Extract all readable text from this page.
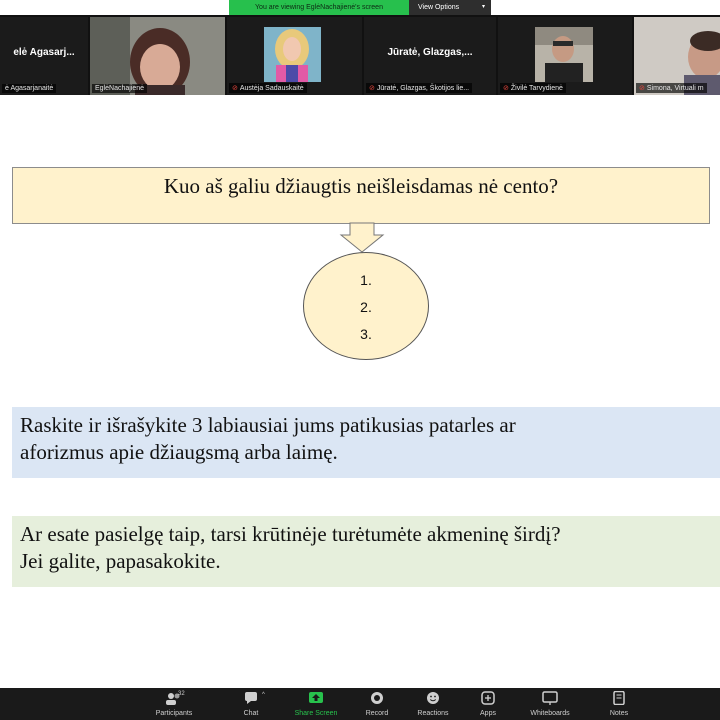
You are viewing EglėNachajienė's screen	View Options	▾
elė Agasarj...
ė Agasarjanaitė	EglėNachajienė	⊘ Austėja Sadauskaitė
Jūratė, Glazgas,...
⊘ Jūratė, Glazgas, Škotijos lie...	⊘ Živilė Tarvydienė	⊘ Simona, Virtuali m
Kuo aš galiu džiaugtis neišleisdamas nė cento?
1.
2.
3.
Raskite ir išrašykite 3 labiausiai jums patikusias patarles ar
aforizmus apie džiaugsmą arba laimę.
Ar esate pasielgę taip, tarsi krūtinėje turėtumėte akmeninę širdį?
Jei galite, papasakokite.
32
Participants
^
Chat	Share Screen	Record	Reactions	Apps	Whiteboards	Notes
